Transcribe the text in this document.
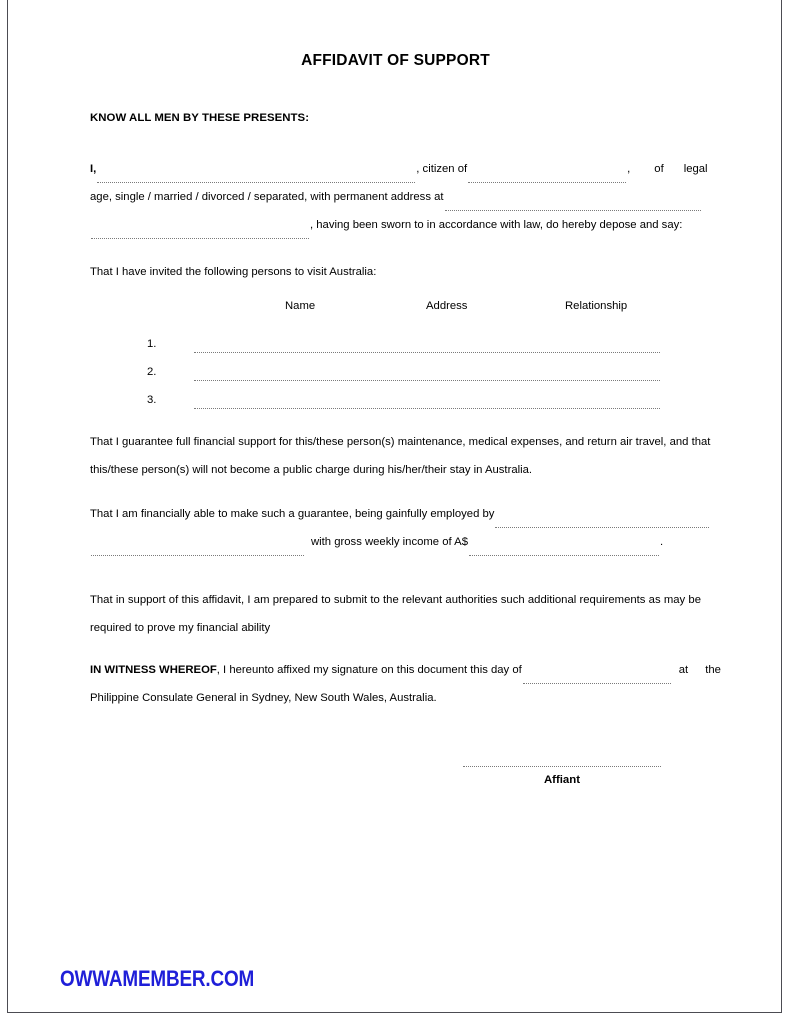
AFFIDAVIT OF SUPPORT
KNOW ALL MEN BY THESE PRESENTS:
I,	, citizen of	, of legal
age, single / married / divorced / separated, with permanent address at
, having been sworn to in accordance with law, do hereby depose and say:
That I have invited the following persons to visit Australia:
Name	Address	Relationship
1.
2.
3.
That I guarantee full financial support for this/these person(s) maintenance, medical expenses, and return air travel, and that
this/these person(s) will not become a public charge during his/her/their stay in Australia.
That I am financially able to make such a guarantee, being gainfully employed by
with gross weekly income of A$	.
That in support of this affidavit, I am prepared to submit to the relevant authorities such additional requirements as may be
required to prove my financial ability
IN WITNESS WHEREOF, I hereunto affixed my signature on this document this day of	at the
Philippine Consulate General in Sydney, New South Wales, Australia.
Affiant
OWWAMEMBER.COM
